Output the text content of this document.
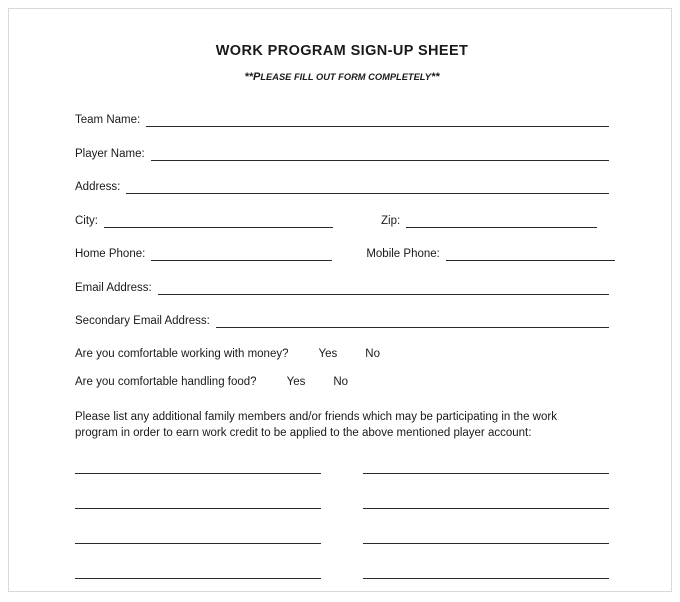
WORK PROGRAM SIGN-UP SHEET

**PLEASE FILL OUT FORM COMPLETELY**

Team Name:
Player Name:
Address:
City:	Zip:
Home Phone:	Mobile Phone:
Email Address:
Secondary Email Address:
Are you comfortable working with money?	Yes	No
Are you comfortable handling food?	Yes	No

Please list any additional family members and/or friends which may be participating in the work program in order to earn work credit to be applied to the above mentioned player account:
